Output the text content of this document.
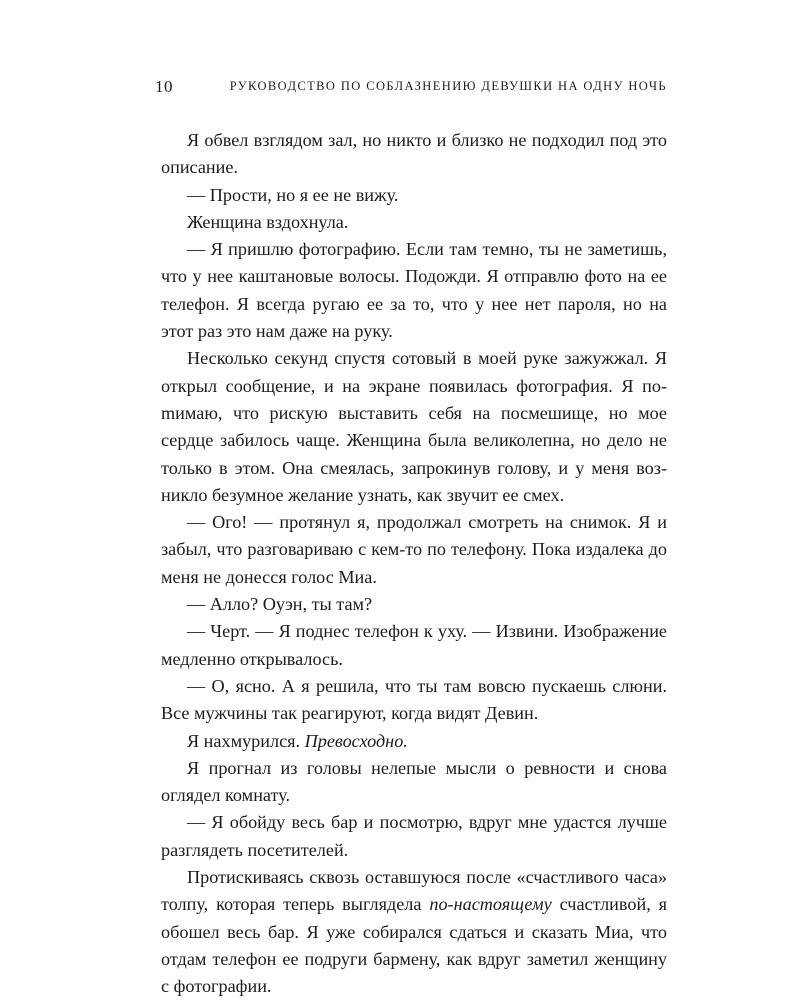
10	РУКОВОДСТВО ПО СОБЛАЗНЕНИЮ ДЕВУШКИ НА ОДНУ НОЧЬ

Я обвел взглядом зал, но никто и близко не подходил под это описание.

— Прости, но я ее не вижу.

Женщина вздохнула.

— Я пришлю фотографию. Если там темно, ты не заметишь, что у нее каштановые волосы. Подожди. Я отправлю фото на ее телефон. Я всегда ругаю ее за то, что у нее нет пароля, но на этот раз это нам даже на руку.

Несколько секунд спустя сотовый в моей руке зажужжал. Я открыл сообщение, и на экране появилась фотография. Я поmимаю, что рискую выставить себя на посмешище, но мое сердце забилось чаще. Женщина была великолепна, но дело не только в этом. Она смеялась, запрокинув голову, и у меня возникло безумное желание узнать, как звучит ее смех.

— Ого! — протянул я, продолжал смотреть на снимок. Я и забыл, что разговариваю с кем-то по телефону. Пока издалека до меня не донесся голос Миа.

— Алло? Оуэн, ты там?

— Черт. — Я поднес телефон к уху. — Извини. Изображение медленно открывалось.

— О, ясно. А я решила, что ты там вовсю пускаешь слюни. Все мужчины так реагируют, когда видят Девин.

Я нахмурился. Превосходно.

Я прогнал из головы нелепые мысли о ревности и снова оглядел комнату.

— Я обойду весь бар и посмотрю, вдруг мне удастся лучше разглядеть посетителей.

Протискиваясь сквозь оставшуюся после «счастливого часа» толпу, которая теперь выглядела по-настоящему счастливой, я обошел весь бар. Я уже собирался сдаться и сказать Миа, что отдам телефон ее подруги бармену, как вдруг заметил женщину с фотографии.
